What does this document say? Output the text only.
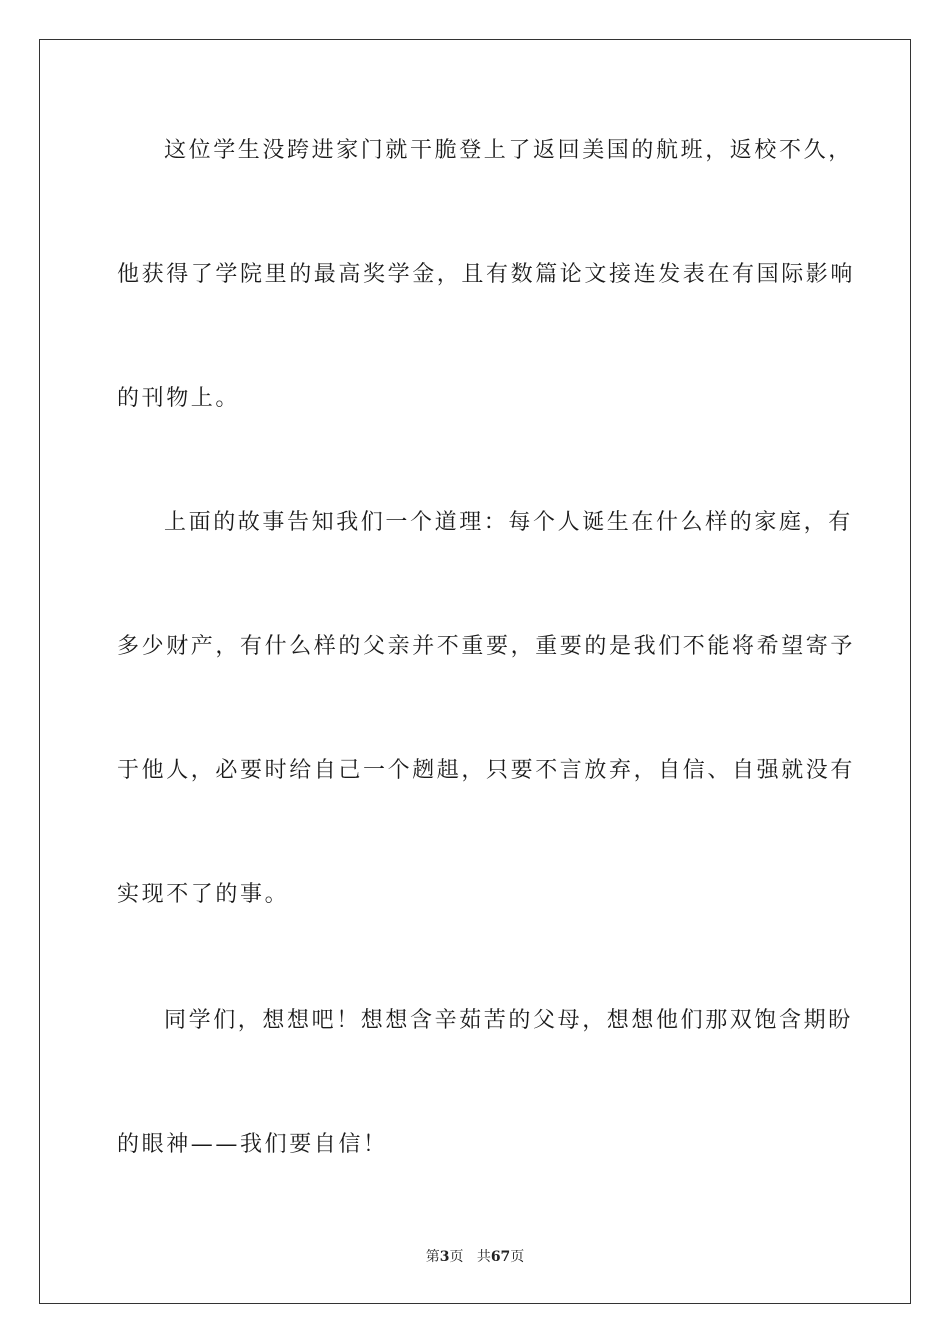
这位学生没跨进家门就干脆登上了返回美国的航班，返校不久，
他获得了学院里的最高奖学金，且有数篇论文接连发表在有国际影响
的刊物上。
上面的故事告知我们一个道理：每个人诞生在什么样的家庭，有
多少财产，有什么样的父亲并不重要，重要的是我们不能将希望寄予
于他人，必要时给自己一个趔趄，只要不言放弃，自信、自强就没有
实现不了的事。
同学们，想想吧！想想含辛茹苦的父母，想想他们那双饱含期盼
的眼神——我们要自信！
第3页 共67页
